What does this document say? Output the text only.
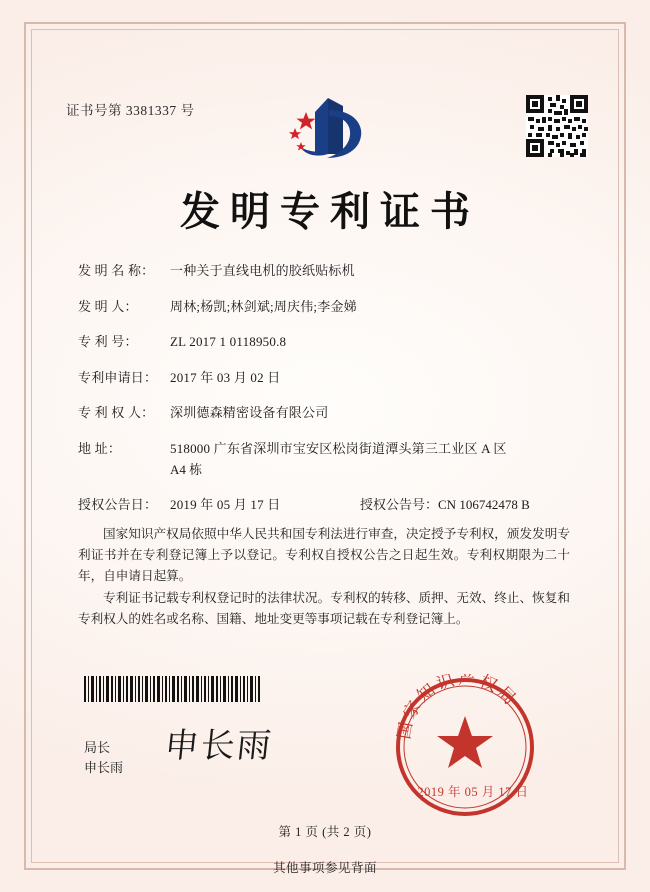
证书号第 3381337 号
发明专利证书
发 明 名 称： 一种关于直线电机的胶纸贴标机
发 明 人： 周林;杨凯;林剑斌;周庆伟;李金娣
专 利 号： ZL 2017 1 0118950.8
专利申请日： 2017 年 03 月 02 日
专 利 权 人： 深圳德森精密设备有限公司
地 址：	518000 广东省深圳市宝安区松岗街道潭头第三工业区 A 区
A4 栋
授权公告日： 2019 年 05 月 17 日	授权公告号：CN 106742478 B
国家知识产权局依照中华人民共和国专利法进行审查，决定授予专利权，颁发发明专利证书并在专利登记簿上予以登记。专利权自授权公告之日起生效。专利权期限为二十年，自申请日起算。
专利证书记载专利权登记时的法律状况。专利权的转移、质押、无效、终止、恢复和专利权人的姓名或名称、国籍、地址变更等事项记载在专利登记簿上。
国家知识产权局
2019 年 05 月 17 日
局长
申长雨
申长雨
第 1 页 (共 2 页)
其他事项参见背面
